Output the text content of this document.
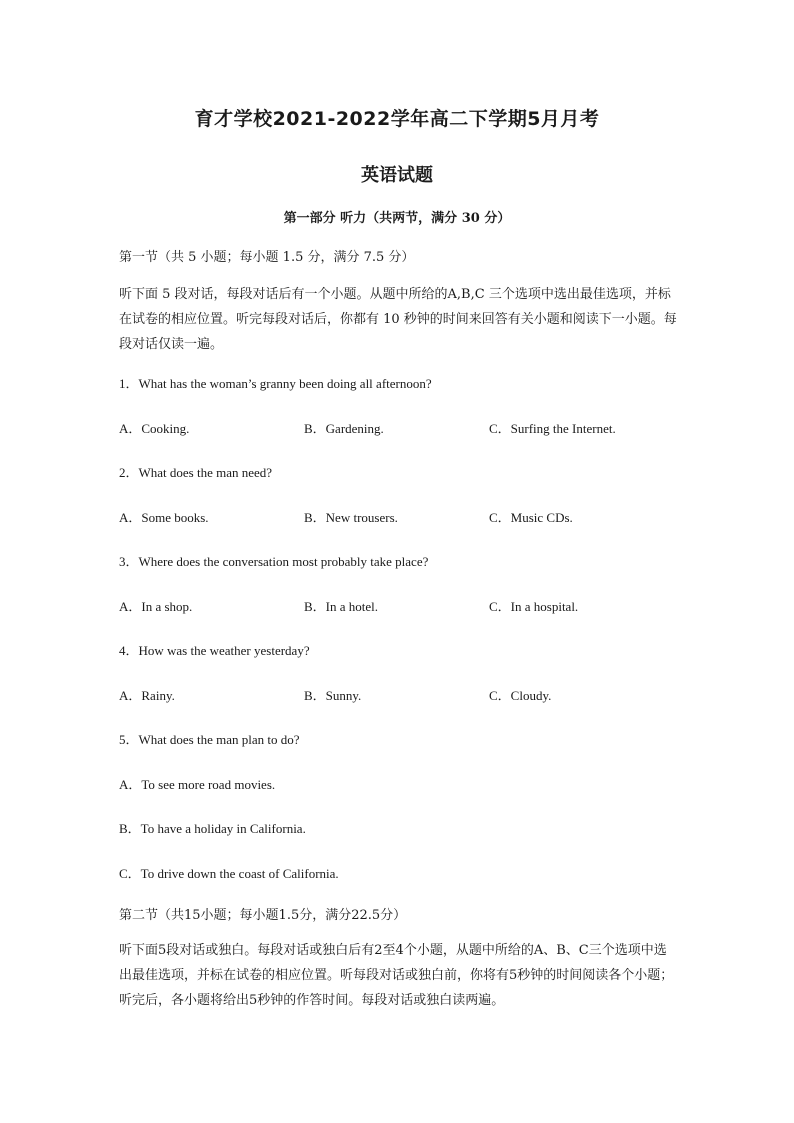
育才学校2021-2022学年高二下学期5月月考
英语试题
第一部分 听力（共两节，满分 30 分）
第一节（共 5 小题；每小题 1.5 分，满分 7.5 分）
听下面 5 段对话，每段对话后有一个小题。从题中所给的A,B,C 三个选项中选出最佳选项，并标在试卷的相应位置。听完每段对话后，你都有 10 秒钟的时间来回答有关小题和阅读下一小题。每段对话仅读一遍。
1．What has the woman’s granny been doing all afternoon?
A．Cooking.	B．Gardening.	C．Surfing the Internet.
2．What does the man need?
A．Some books.	B．New trousers.	C．Music CDs.
3．Where does the conversation most probably take place?
A．In a shop.	B．In a hotel.	C．In a hospital.
4．How was the weather yesterday?
A．Rainy.	B．Sunny.	C．Cloudy.
5．What does the man plan to do?
A．To see more road movies.
B．To have a holiday in California.
C．To drive down the coast of California.
第二节（共15小题；每小题1.5分，满分22.5分）
听下面5段对话或独白。每段对话或独白后有2至4个小题，从题中所给的A、B、C三个选项中选出最佳选项，并标在试卷的相应位置。听每段对话或独白前，你将有5秒钟的时间阅读各个小题；听完后，各小题将给出5秒钟的作答时间。每段对话或独白读两遍。
